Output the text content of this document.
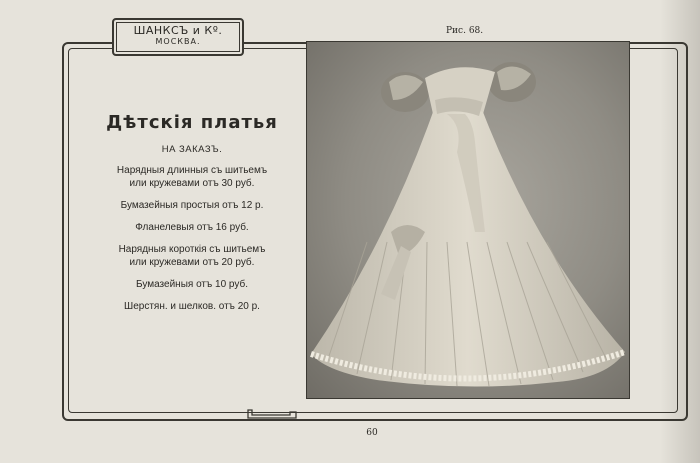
ШАНКСЪ и Кº.
МОСКВА.
Рис. 68.
Дѣтскія платья
НА ЗАКАЗЪ.
Нарядныя длинныя съ шитьемъ
или кружевами отъ 30 руб.
Бумазейныя простыя отъ 12 р.
Фланелевыя отъ 16 руб.
Нарядныя короткія съ шитьемъ
или кружевами отъ 20 руб.
Бумазейныя отъ 10 руб.
Шерстян. и шелков. отъ 20 р.
60
